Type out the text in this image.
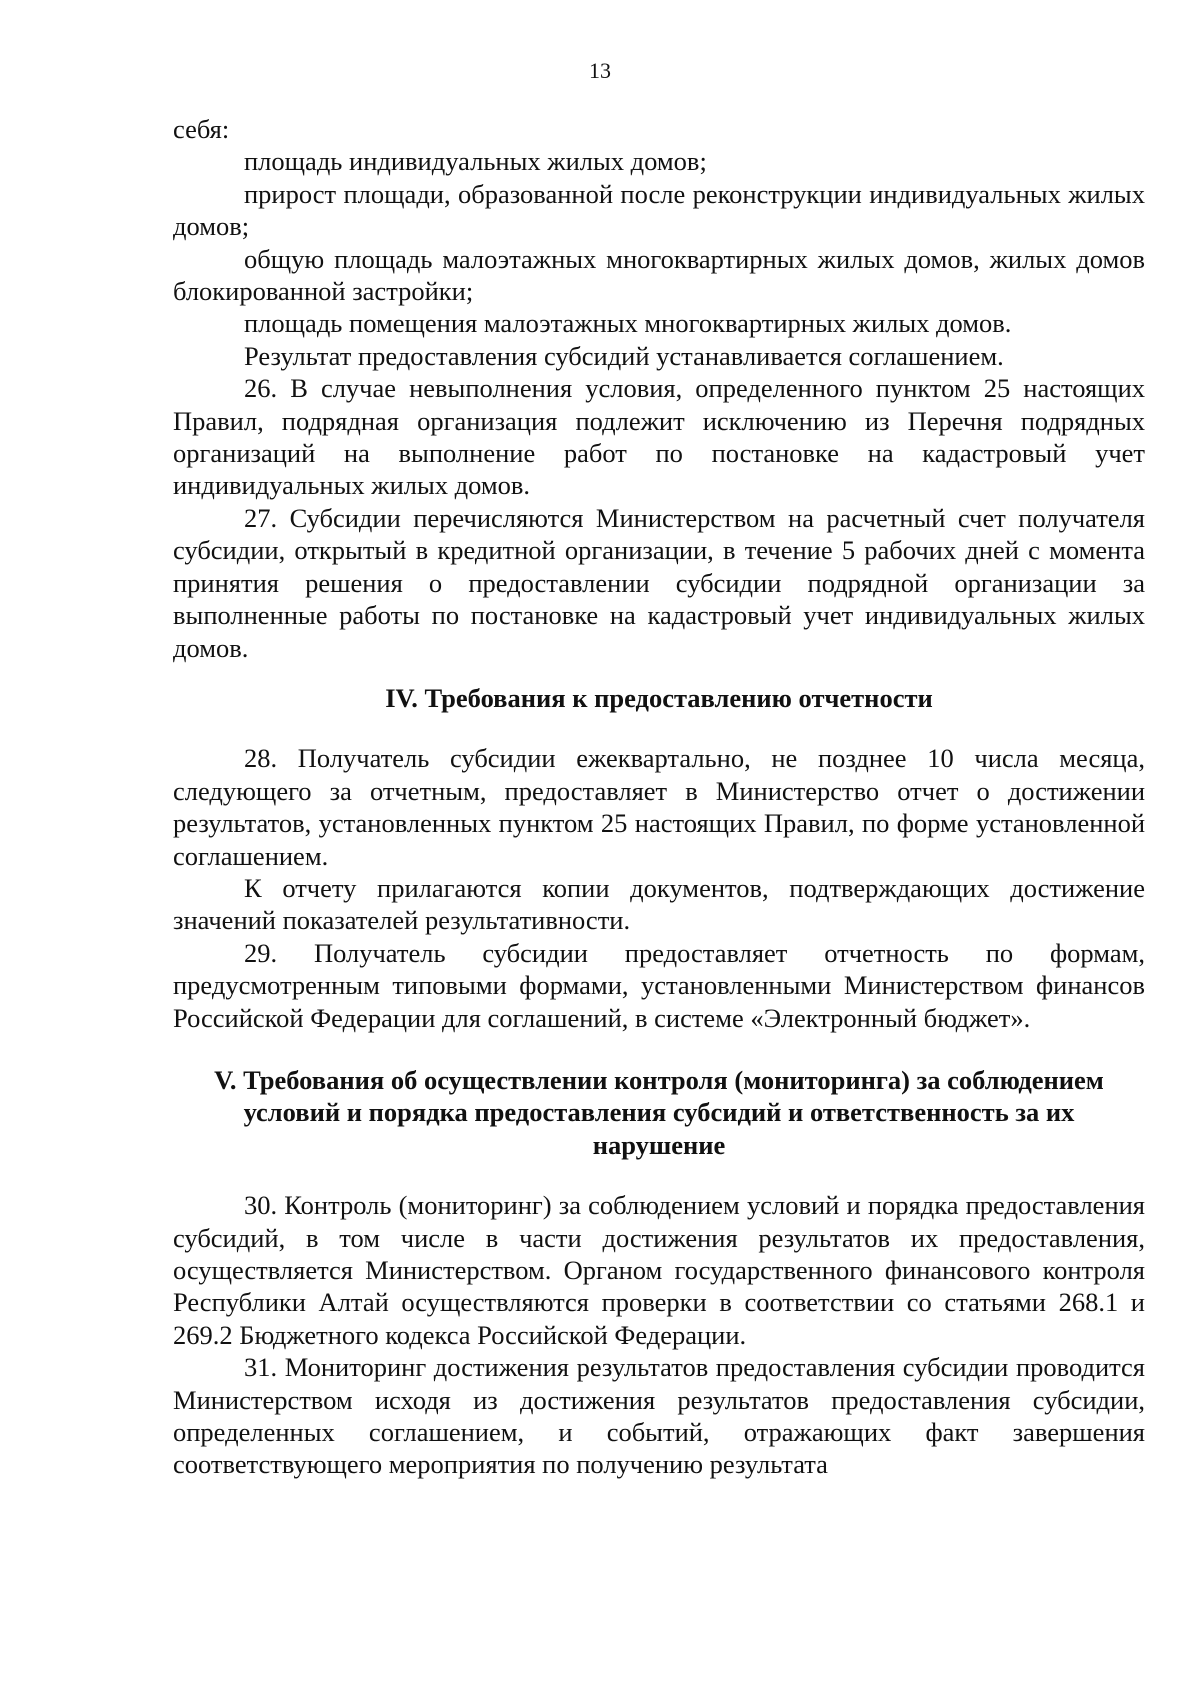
13

себя:

площадь индивидуальных жилых домов;

прирост площади, образованной после реконструкции индивидуальных жилых домов;

общую площадь малоэтажных многоквартирных жилых домов, жилых домов блокированной застройки;

площадь помещения малоэтажных многоквартирных жилых домов.

Результат предоставления субсидий устанавливается соглашением.

26. В случае невыполнения условия, определенного пунктом 25 настоящих Правил, подрядная организация подлежит исключению из Перечня подрядных организаций на выполнение работ по постановке на кадастровый учет индивидуальных жилых домов.

27. Субсидии перечисляются Министерством на расчетный счет получателя субсидии, открытый в кредитной организации, в течение 5 рабочих дней с момента принятия решения о предоставлении субсидии подрядной организации за выполненные работы по постановке на кадастровый учет индивидуальных жилых домов.

IV. Требования к предоставлению отчетности

28. Получатель субсидии ежеквартально, не позднее 10 числа месяца, следующего за отчетным, предоставляет в Министерство отчет о достижении результатов, установленных пунктом 25 настоящих Правил, по форме установленной соглашением.

К отчету прилагаются копии документов, подтверждающих достижение значений показателей результативности.

29. Получатель субсидии предоставляет отчетность по формам, предусмотренным типовыми формами, установленными Министерством финансов Российской Федерации для соглашений, в системе «Электронный бюджет».

V. Требования об осуществлении контроля (мониторинга) за соблюдением
условий и порядка предоставления субсидий и ответственность за их
нарушение

30. Контроль (мониторинг) за соблюдением условий и порядка предоставления субсидий, в том числе в части достижения результатов их предоставления, осуществляется Министерством. Органом государственного финансового контроля Республики Алтай осуществляются проверки в соответствии со статьями 268.1 и 269.2 Бюджетного кодекса Российской Федерации.

31. Мониторинг достижения результатов предоставления субсидии проводится Министерством исходя из достижения результатов предоставления субсидии, определенных соглашением, и событий, отражающих факт завершения соответствующего мероприятия по получению результата
